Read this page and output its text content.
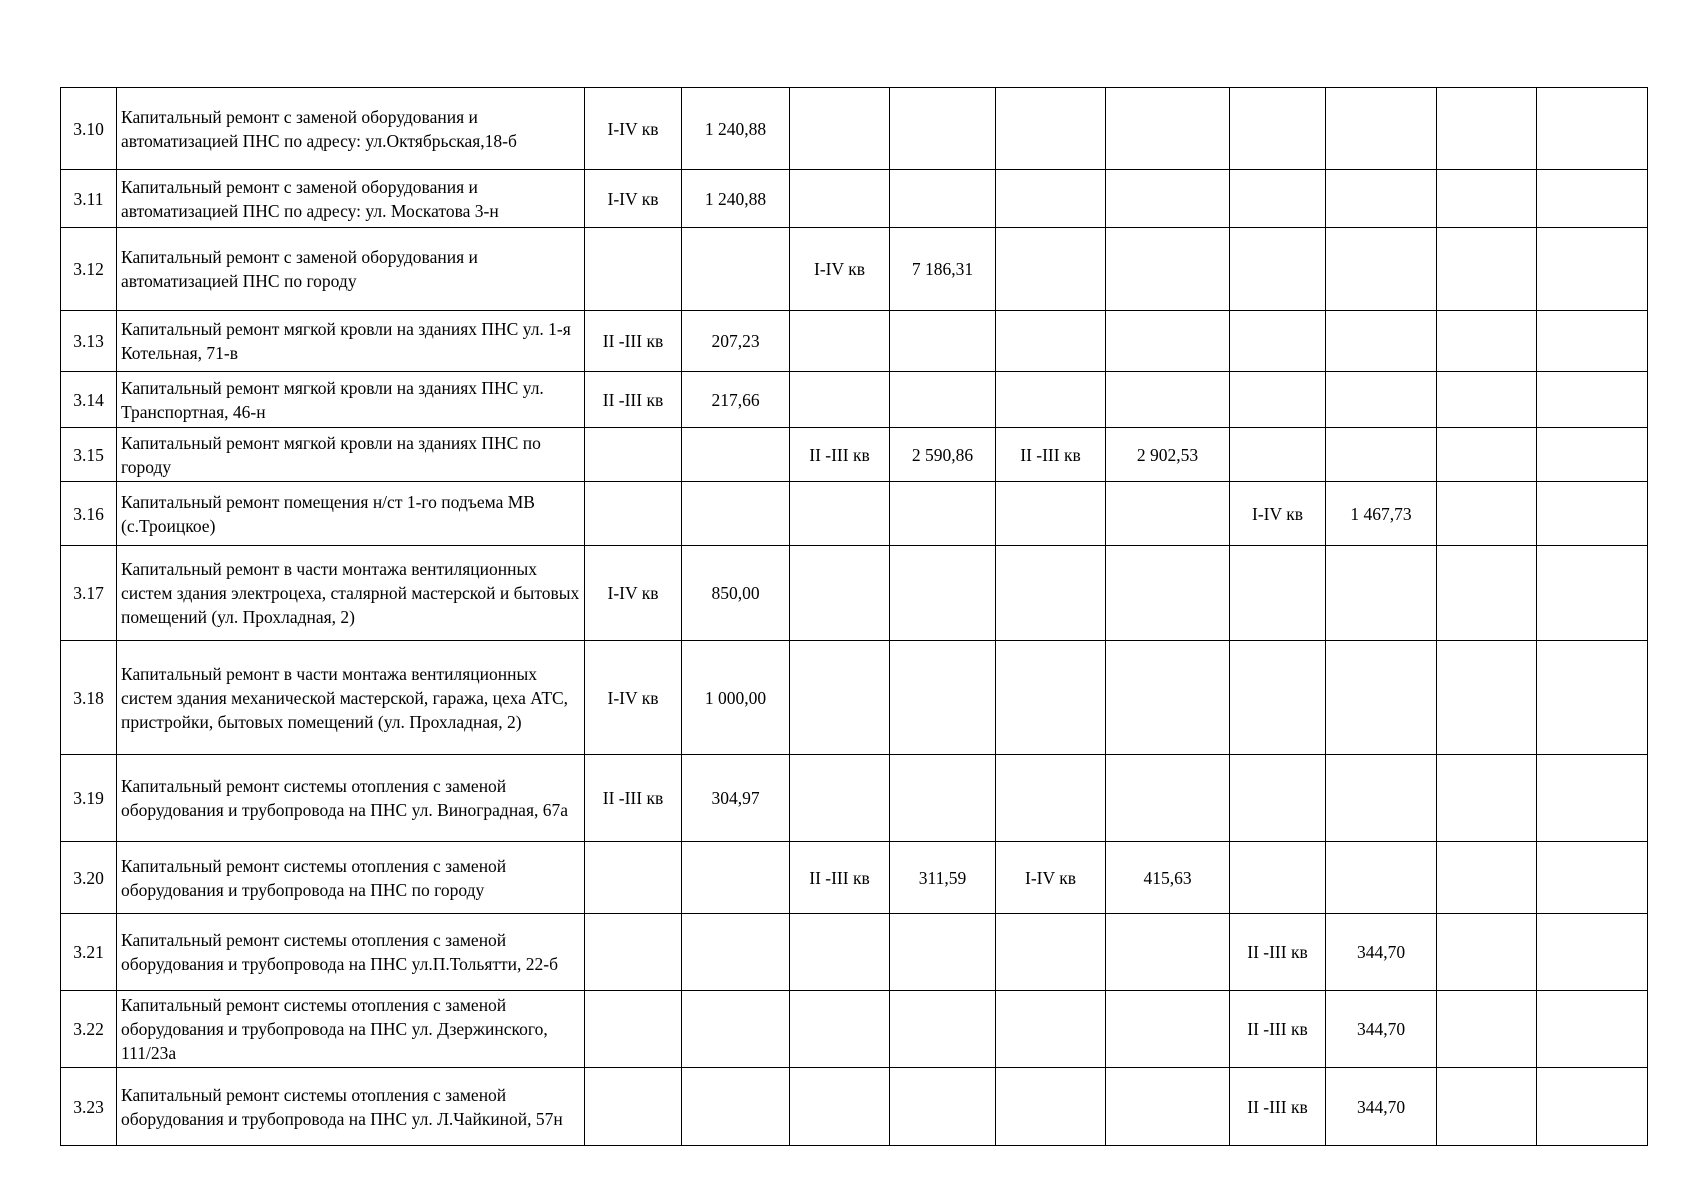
3.10	Капитальный ремонт с заменой оборудования и автоматизацией ПНС по адресу: ул.Октябрьская,18-б	I-IV кв	1 240,88								
3.11	Капитальный ремонт с заменой оборудования и автоматизацией ПНС по адресу: ул. Москатова 3-н	I-IV кв	1 240,88								
3.12	Капитальный ремонт с заменой оборудования и автоматизацией ПНС по городу			I-IV кв	7 186,31						
3.13	Капитальный ремонт мягкой кровли на зданиях ПНС ул. 1-я Котельная, 71-в	II -III кв	207,23								
3.14	Капитальный ремонт мягкой кровли на зданиях ПНС ул. Транспортная, 46-н	II -III кв	217,66								
3.15	Капитальный ремонт мягкой кровли на зданиях ПНС по городу			II -III кв	2 590,86	II -III кв	2 902,53				
3.16	Капитальный ремонт помещения н/ст 1-го подъема МВ (с.Троицкое)							I-IV кв	1 467,73		
3.17	Капитальный ремонт в части монтажа вентиляционных систем здания электроцеха, сталярной мастерской и бытовых помещений (ул. Прохладная, 2)	I-IV кв	850,00								
3.18	Капитальный ремонт в части монтажа вентиляционных систем здания механической мастерской, гаража, цеха АТС, пристройки, бытовых помещений (ул. Прохладная, 2)	I-IV кв	1 000,00								
3.19	Капитальный ремонт системы отопления с заменой оборудования и трубопровода на ПНС ул. Виноградная, 67а	II -III кв	304,97								
3.20	Капитальный ремонт системы отопления с заменой оборудования и трубопровода на ПНС по городу			II -III кв	311,59	I-IV кв	415,63				
3.21	Капитальный ремонт системы отопления с заменой оборудования и трубопровода на ПНС ул.П.Тольятти, 22-б							II -III кв	344,70		
3.22	Капитальный ремонт системы отопления с заменой оборудования и трубопровода на ПНС ул. Дзержинского, 111/23а							II -III кв	344,70		
3.23	Капитальный ремонт системы отопления с заменой оборудования и трубопровода на ПНС ул. Л.Чайкиной, 57н							II -III кв	344,70		
